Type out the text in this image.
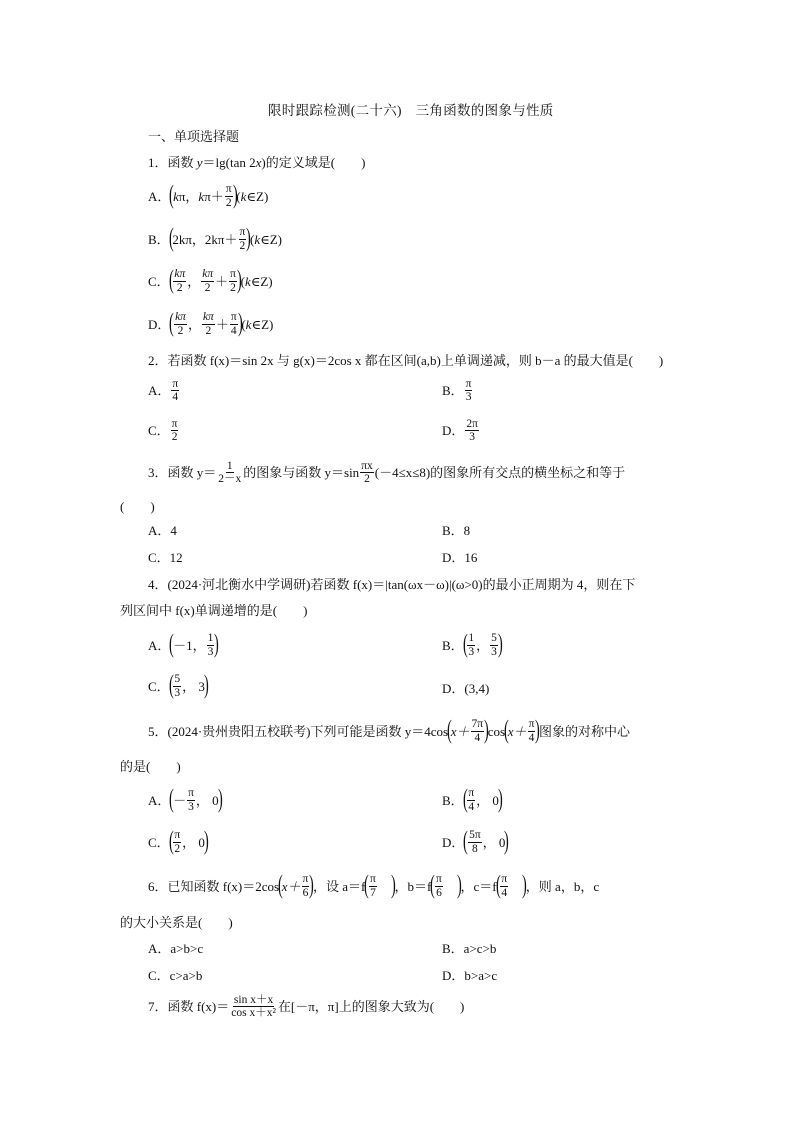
限时跟踪检测(二十六)　三角函数的图象与性质
一、单项选择题
1．函数 y＝lg(tan 2x)的定义域是(　　)
A．
(
k π， k $\pi+ \frac{\pi}{2}$ )
( k ∈Z)
B．
(
2k π， 2k $\pi+ \frac{\pi}{2}$ )
( k ∈Z)
C．
( $\frac{k\pi}{2}$ ， $\frac{k\pi}{2} + \frac{\pi}{2}$ )
( k ∈Z)
D．
( $\frac{k\pi}{2}$ ， $\frac{k\pi}{2} + \frac{\pi}{4}$ )
( k ∈Z)
2．若函数 f(x)＝sin 2x 与 g(x)＝2cos x 都在区间(a,b)上单调递减，则 b－a 的最大值是(　　)
A． $\frac{\pi}{4}$	B． $\frac{\pi}{3}$
C． $\frac{\pi}{2}$	D． $\frac{2\pi}{3}$
3．函数 $y= \frac{1}{2-x}$ 的图象与函数 $y=\sin \frac{\pi x}{2} (-4\le x\le 8)$的图象所有交点的横坐标之和等于
(　　)
A．4	B．8
C．12	D．16
4．(2024·河北衡水中学调研)若函数 f(x)＝|tan(ωx－ω)|(ω>0)的最小正周期为 4，则在下
列区间中 f(x)单调递增的是(　　)
A．
(
－1， $\frac{1}{3}$ )	B．
( $\frac{1}{3}$ ， $\frac{5}{3}$ )
C．
( $\frac{5}{3}$ ， 3
)	D．(3,4)
5．(2024·贵州贵阳五校联考)下列可能是函数 y＝4cos
(
$x+ \frac{7\pi}{4}$ )
cos
(
$x+ \frac{\pi}{4}$ )
图象的对称中心
的是(　　)
A．
(
－ $\frac{\pi}{3}$ ， 0
)	B．
( $\frac{\pi}{4}$ ， 0
)
C．
( $\frac{\pi}{2}$ ， 0
)	D．
( $\frac{5\pi}{8}$ ， 0
)
6．已知函数 f(x)＝2cos
(
$x+ \frac{\pi}{6}$ )
，设 a＝f
( $\frac{\pi}{7}$ )
，b＝f
( $\frac{\pi}{6}$ )
，c＝f
( $\frac{\pi}{4}$ )
，则 a，b，c
的大小关系是(　　)
A．a>b>c	B．a>c>b
C．c>a>b	D．b>a>c
7．函数 $f(x)= \frac{\text{sin x＋x}}{\text{cos x＋x²}}$ 在[－π，π]上的图象大致为(　　)
